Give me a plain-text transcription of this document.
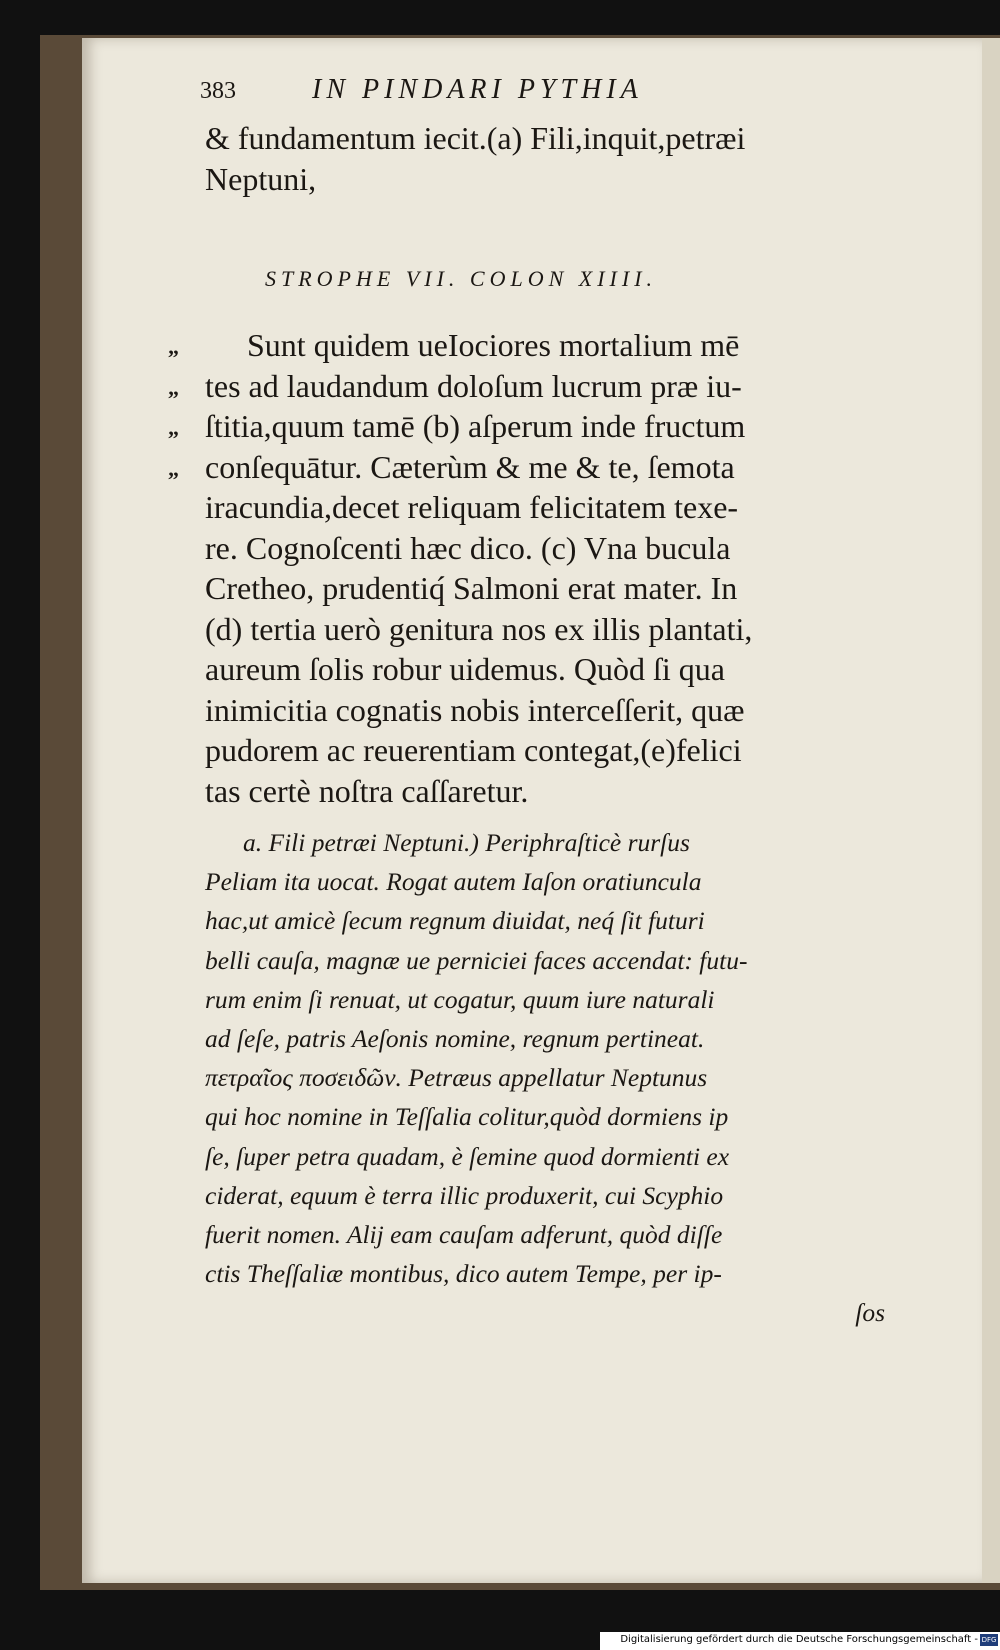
383	IN PINDARI PYTHIA
& fundamentum iecit.(a) Fili,inquit,petræi
Neptuni,
STROPHE VII. COLON XIIII.
„ Sunt quidem ueIociores mortalium mē
„ tes ad laudandum doloſum lucrum præ iu-
„ ſtitia,quum tamē (b) aſperum inde fructum
„ conſequātur. Cæterùm & me & te, ſemota
iracundia,decet reliquam felicitatem texe-
re. Cognoſcenti hæc dico. (c) Vna bucula
Cretheo, prudentiq́ Salmoni erat mater. In
(d) tertia uerò genitura nos ex illis plantati,
aureum ſolis robur uidemus. Quòd ſi qua
inimicitia cognatis nobis interceſſerit, quæ
pudorem ac reuerentiam contegat,(e)felici
tas certè noſtra caſſaretur.
a. Fili petræi Neptuni.) Periphraſticè rurſus
Peliam ita uocat. Rogat autem Iaſon oratiuncula
hac,ut amicè ſecum regnum diuidat, neq́ ſit futuri
belli cauſa, magnæ ue perniciei faces accendat: futu-
rum enim ſi renuat, ut cogatur, quum iure naturali
ad ſeſe, patris Aeſonis nomine, regnum pertineat.
πετραῖος ποσειδῶν. Petræus appellatur Neptunus
qui hoc nomine in Teſſalia colitur,quòd dormiens ip
ſe, ſuper petra quadam, è ſemine quod dormienti ex
ciderat, equum è terra illic produxerit, cui Scyphio
fuerit nomen. Alij eam cauſam adferunt, quòd diſſe
ctis Theſſaliæ montibus, dico autem Tempe, per ip-
ſos
Digitalisierung gefördert durch die Deutsche Forschungsgemeinschaft - DFG
